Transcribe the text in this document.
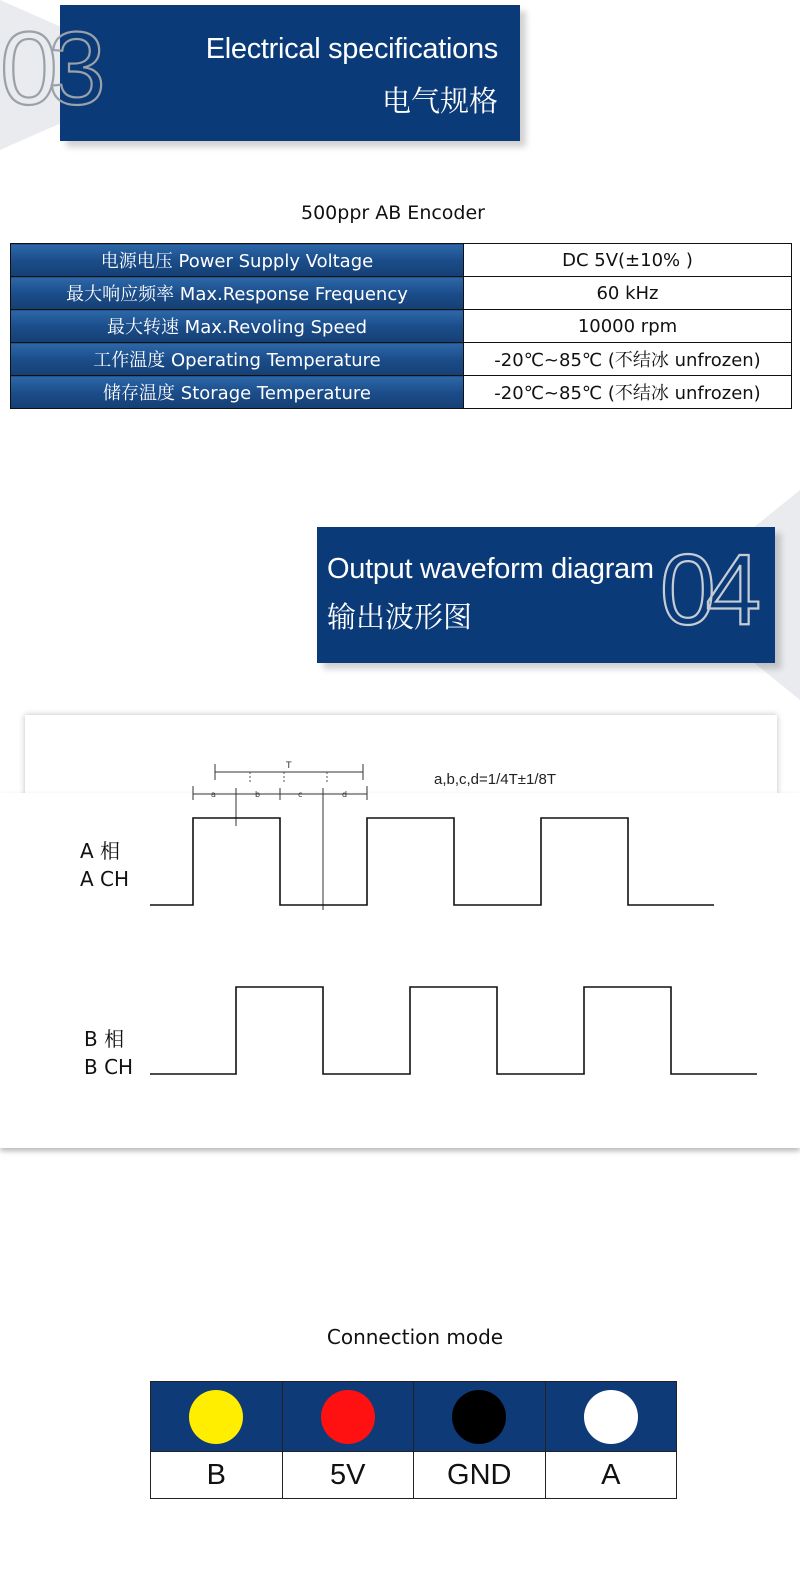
Electrical specifications
电气规格
03
500ppr AB Encoder
电源电压 Power Supply Voltage	DC 5V(±10% )
最大响应频率 Max.Response Frequency	60 kHz
最大转速 Max.Revoling Speed	10000 rpm
工作温度 Operating Temperature	-20℃~85℃ (不结冰 unfrozen)
储存温度 Storage Temperature	-20℃~85℃ (不结冰 unfrozen)
Output waveform diagram
输出波形图 04
T
a	b	c	d
a,b,c,d=1/4T±1/8T
A 相
A CH
B 相
B CH
Connection mode

B	5V	GND	A
